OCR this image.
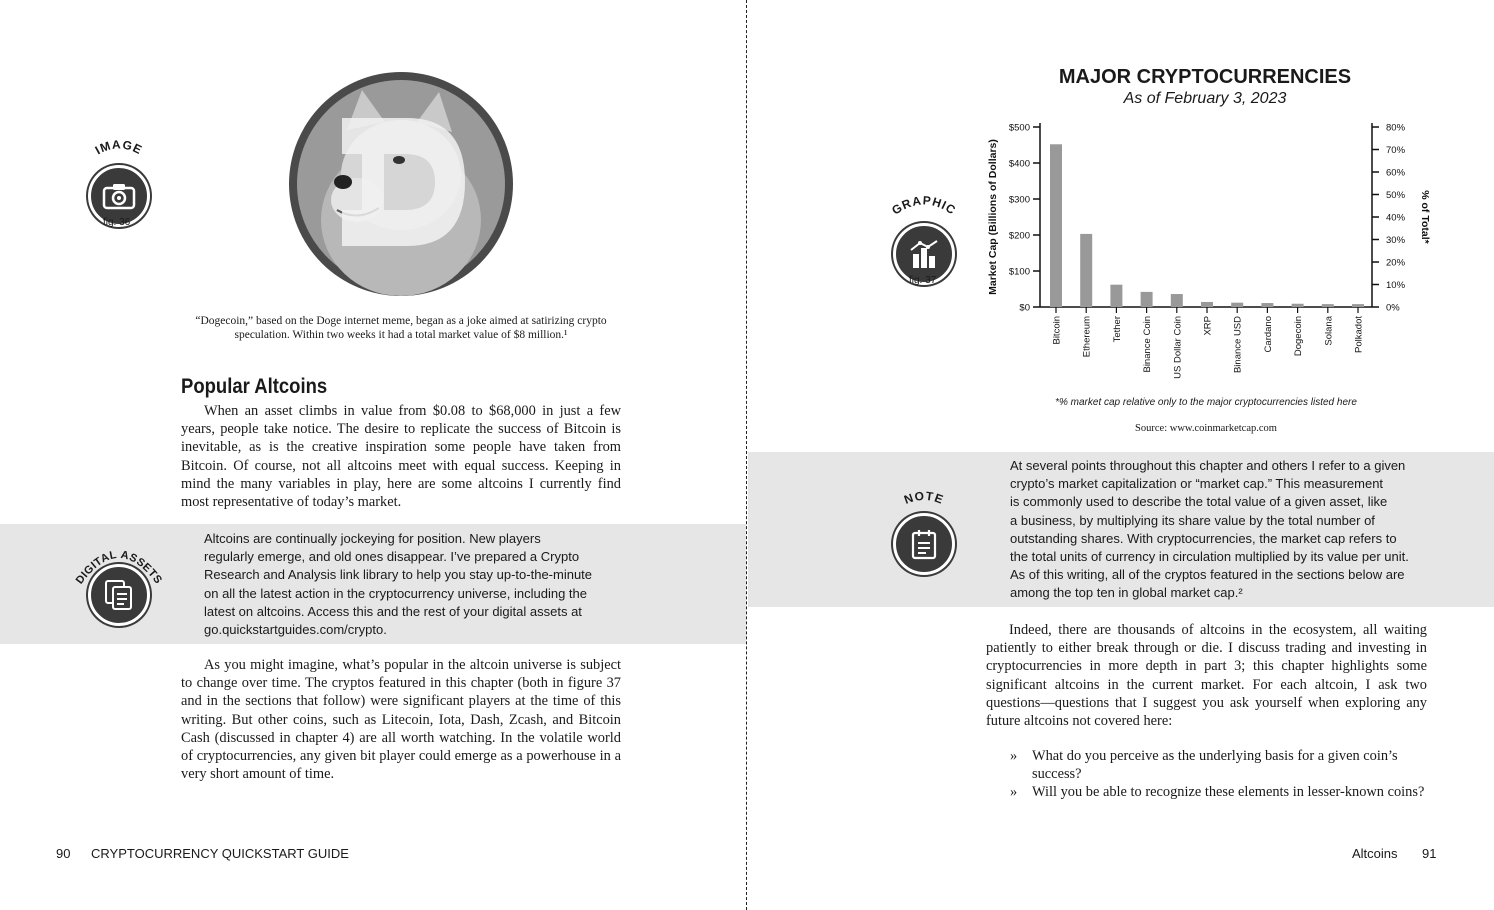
IMAGE
fig. 36
“Dogecoin,” based on the Doge internet meme, began as a joke aimed at satirizing crypto speculation. Within two weeks it had a total market value of $8 million.¹
Popular Altcoins

When an asset climbs in value from $0.08 to $68,000 in just a few years, people take notice. The desire to replicate the success of Bitcoin is inevitable, as is the creative inspiration some people have taken from Bitcoin. Of course, not all altcoins meet with equal success. Keeping in mind the many variables in play, here are some altcoins I currently find most representative of today’s market.

DIGITAL ASSETS
Altcoins are continually jockeying for position. New players
regularly emerge, and old ones disappear. I’ve prepared a Crypto
Research and Analysis link library to help you stay up-to-the-minute
on all the latest action in the cryptocurrency universe, including the
latest on altcoins. Access this and the rest of your digital assets at
go.quickstartguides.com/crypto.

As you might imagine, what’s popular in the altcoin universe is subject to change over time. The cryptos featured in this chapter (both in figure 37 and in the sections that follow) were significant players at the time of this writing. But other coins, such as Litecoin, Iota, Dash, Zcash, and Bitcoin Cash (discussed in chapter 4) are all worth watching. In the volatile world of cryptocurrencies, any given bit player could emerge as a powerhouse in a very short amount of time.

90 CRYPTOCURRENCY QUICKSTART GUIDE
MAJOR CRYPTOCURRENCIES
As of February 3, 2023
GRAPHIC
fig. 37
$0
$100
$200
$300
$400
$500
0%
10%
20%
30%
40%
50%
60%
70%
80%
Market Cap (Billions of Dollars)	% of Total*
Bitcoin Ethereum Tether Binance Coin US Dollar Coin XRP Binance USD Cardano Dogecoin Solana Polkadot
*% market cap relative only to the major cryptocurrencies listed here
Source: www.coinmarketcap.com
NOTE
At several points throughout this chapter and others I refer to a given
crypto’s market capitalization or “market cap.” This measurement
is commonly used to describe the total value of a given asset, like
a business, by multiplying its share value by the total number of
outstanding shares. With cryptocurrencies, the market cap refers to
the total units of currency in circulation multiplied by its value per unit.
As of this writing, all of the cryptos featured in the sections below are
among the top ten in global market cap.²

Indeed, there are thousands of altcoins in the ecosystem, all waiting patiently to either break through or die. I discuss trading and investing in cryptocurrencies in more depth in part 3; this chapter highlights some significant altcoins in the current market. For each altcoin, I ask two questions—questions that I suggest you ask yourself when exploring any future altcoins not covered here:

» What do you perceive as the underlying basis for a given coin’s success?
» Will you be able to recognize these elements in lesser-known coins?
Altcoins 91
